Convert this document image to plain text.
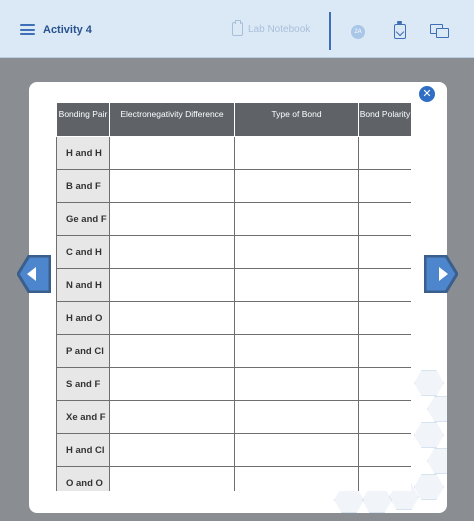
Activity 4	Lab Notebook	2A
✕
Bonding Pair	Electronegativity Difference	Type of Bond	Bond Polarity
H and H			
B and F			
Ge and F			
C and H			
N and H			
H and O			
P and Cl			
S and F			
Xe and F			
H and Cl			
O and O			
